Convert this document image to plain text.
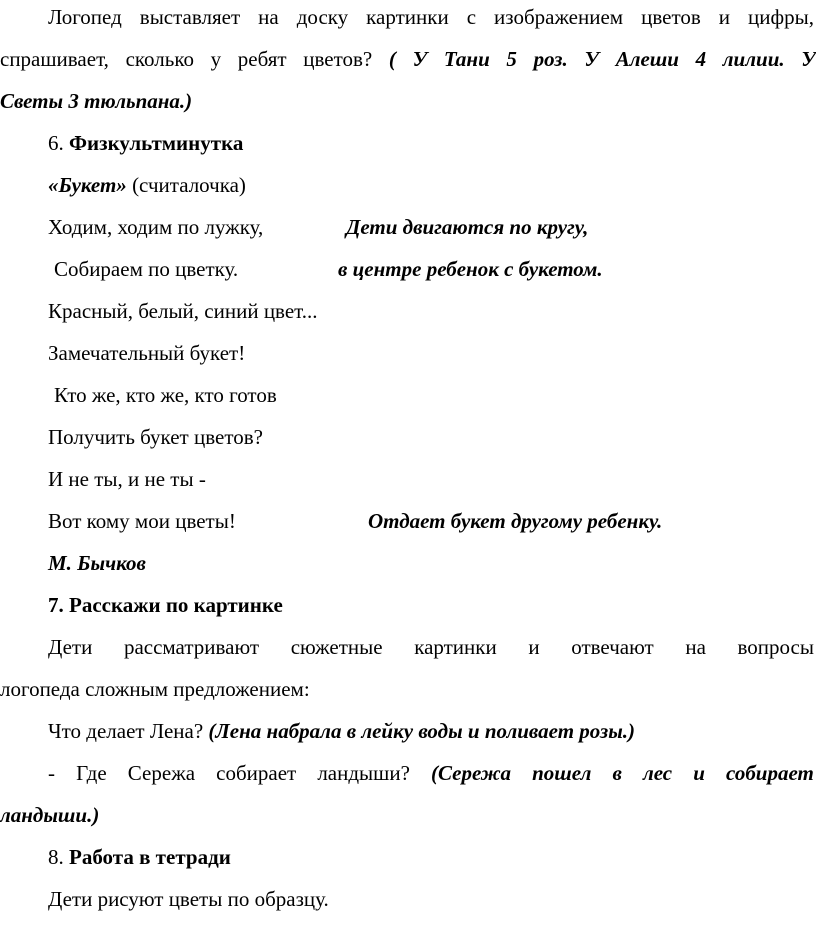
Логопед выставляет на доску картинки с изображением цветов и цифры,
спрашивает, сколько у ребят цветов? ( У Тани 5 роз. У Алеши 4 лилии. У
Светы 3 тюльпана.)
6. Физкультминутка
«Букет» (считалочка)
Ходим, ходим по лужку,	Дети двигаются по кругу,
Собираем по цветку.	в центре ребенок с букетом.
Красный, белый, синий цвет...
Замечательный букет!
Кто же, кто же, кто готов
Получить букет цветов?
И не ты, и не ты -
Вот кому мои цветы!	Отдает букет другому ребенку.
М. Бычков
7. Расскажи по картинке
Дети рассматривают сюжетные картинки и отвечают на вопросы
логопеда сложным предложением:
Что делает Лена? (Лена набрала в лейку воды и поливает розы.)
- Где Сережа собирает ландыши? (Сережа пошел в лес и собирает
ландыши.)
8. Работа в тетради
Дети рисуют цветы по образцу.
